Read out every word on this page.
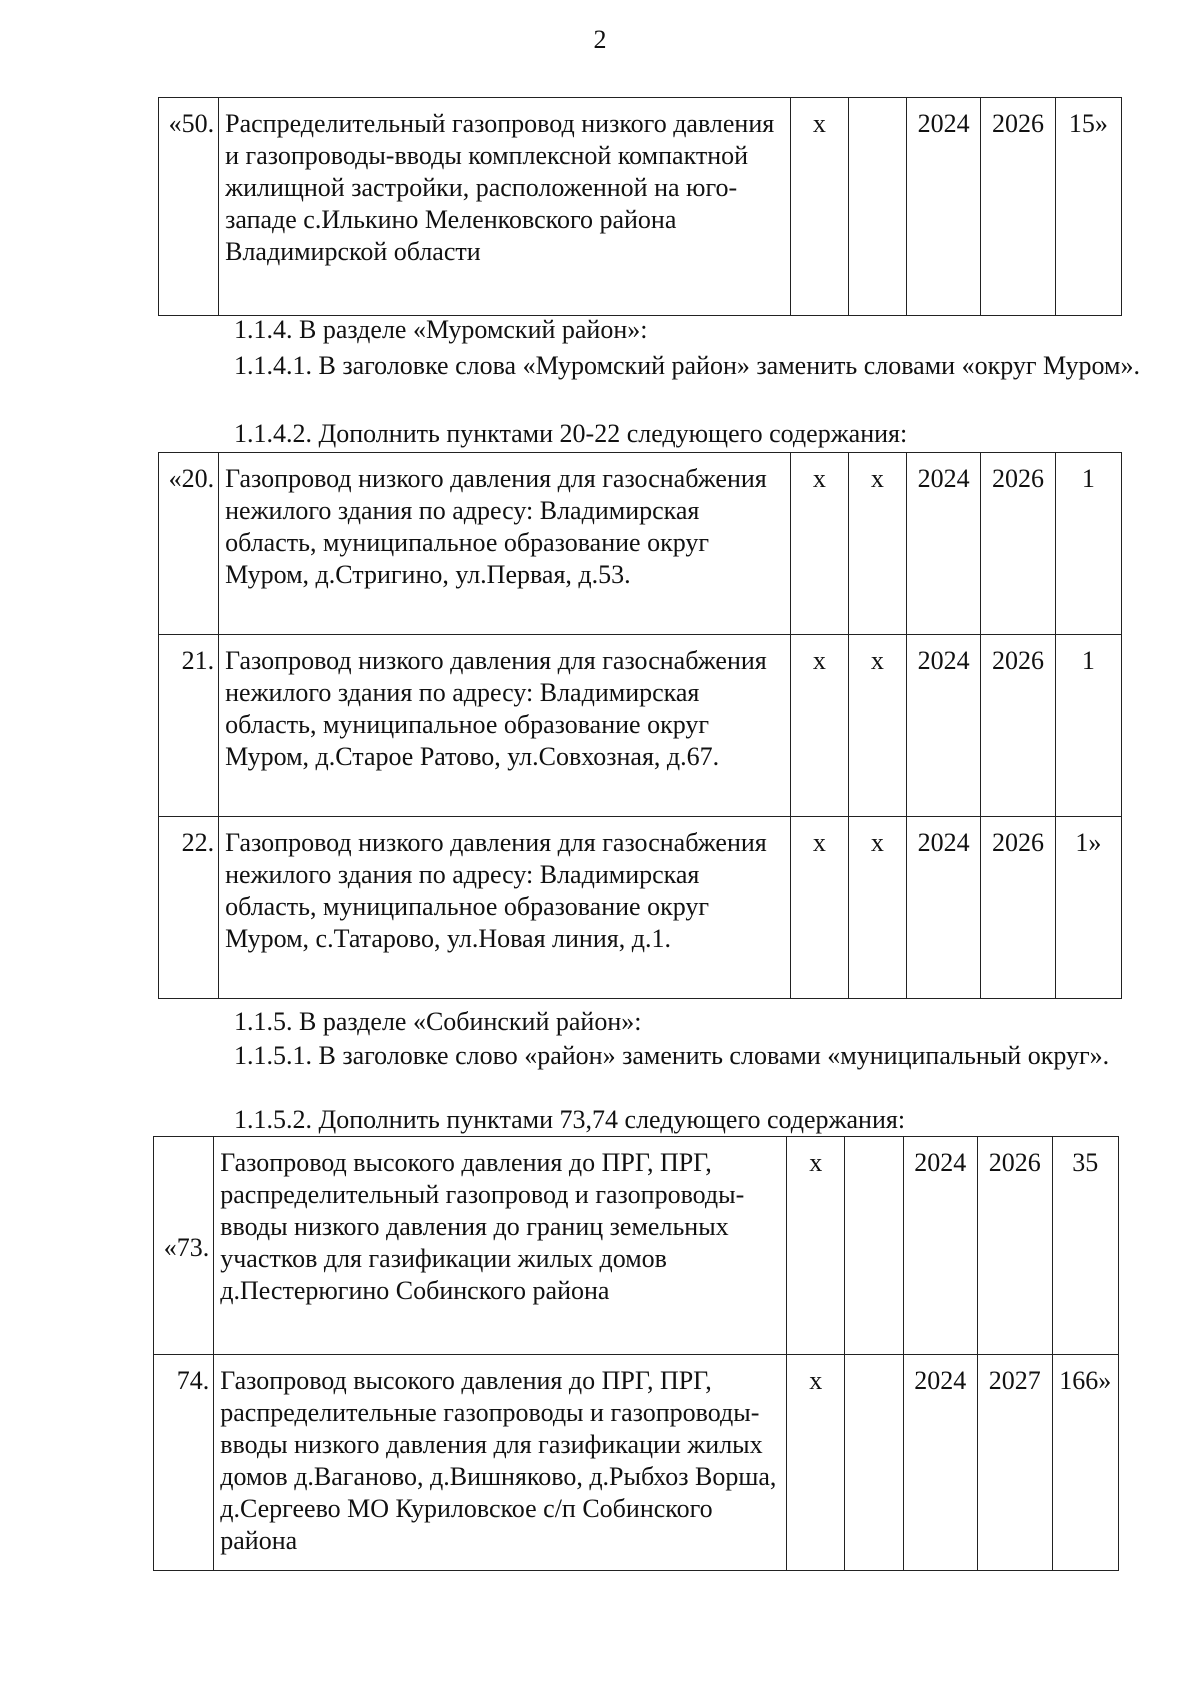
2
«50.	Распределительный газопровод низкого давления и газопроводы-вводы комплексной компактной жилищной застройки, расположенной на юго-западе с.Илькино Меленковского района Владимирской области	х		2024	2026	15»
1.1.4. В разделе «Муромский район»:
1.1.4.1. В заголовке слова «Муромский район» заменить словами «округ Муром».
1.1.4.2. Дополнить пунктами 20-22 следующего содержания:
«20.	Газопровод низкого давления для газоснабжения нежилого здания по адресу: Владимирская область, муниципальное образование округ Муром, д.Стригино, ул.Первая, д.53.	х	х	2024	2026	1
21.	Газопровод низкого давления для газоснабжения нежилого здания по адресу: Владимирская область, муниципальное образование округ Муром, д.Старое Ратово, ул.Совхозная, д.67.	х	х	2024	2026	1
22.	Газопровод низкого давления для газоснабжения нежилого здания по адресу: Владимирская область, муниципальное образование округ Муром, с.Татарово, ул.Новая линия, д.1.	х	х	2024	2026	1»
1.1.5. В разделе «Собинский район»:
1.1.5.1. В заголовке слово «район» заменить словами «муниципальный округ».
1.1.5.2. Дополнить пунктами 73,74 следующего содержания:
«73.	Газопровод высокого давления до ПРГ, ПРГ, распределительный газопровод и газопроводы-вводы низкого давления до границ земельных участков для газификации жилых домов д.Пестерюгино Собинского района	х		2024	2026	35
74.	Газопровод высокого давления до ПРГ, ПРГ, распределительные газопроводы и газопроводы-вводы низкого давления для газификации жилых домов д.Ваганово, д.Вишняково, д.Рыбхоз Ворша, д.Сергеево МО Куриловское с/п Собинского района	х		2024	2027	166»
